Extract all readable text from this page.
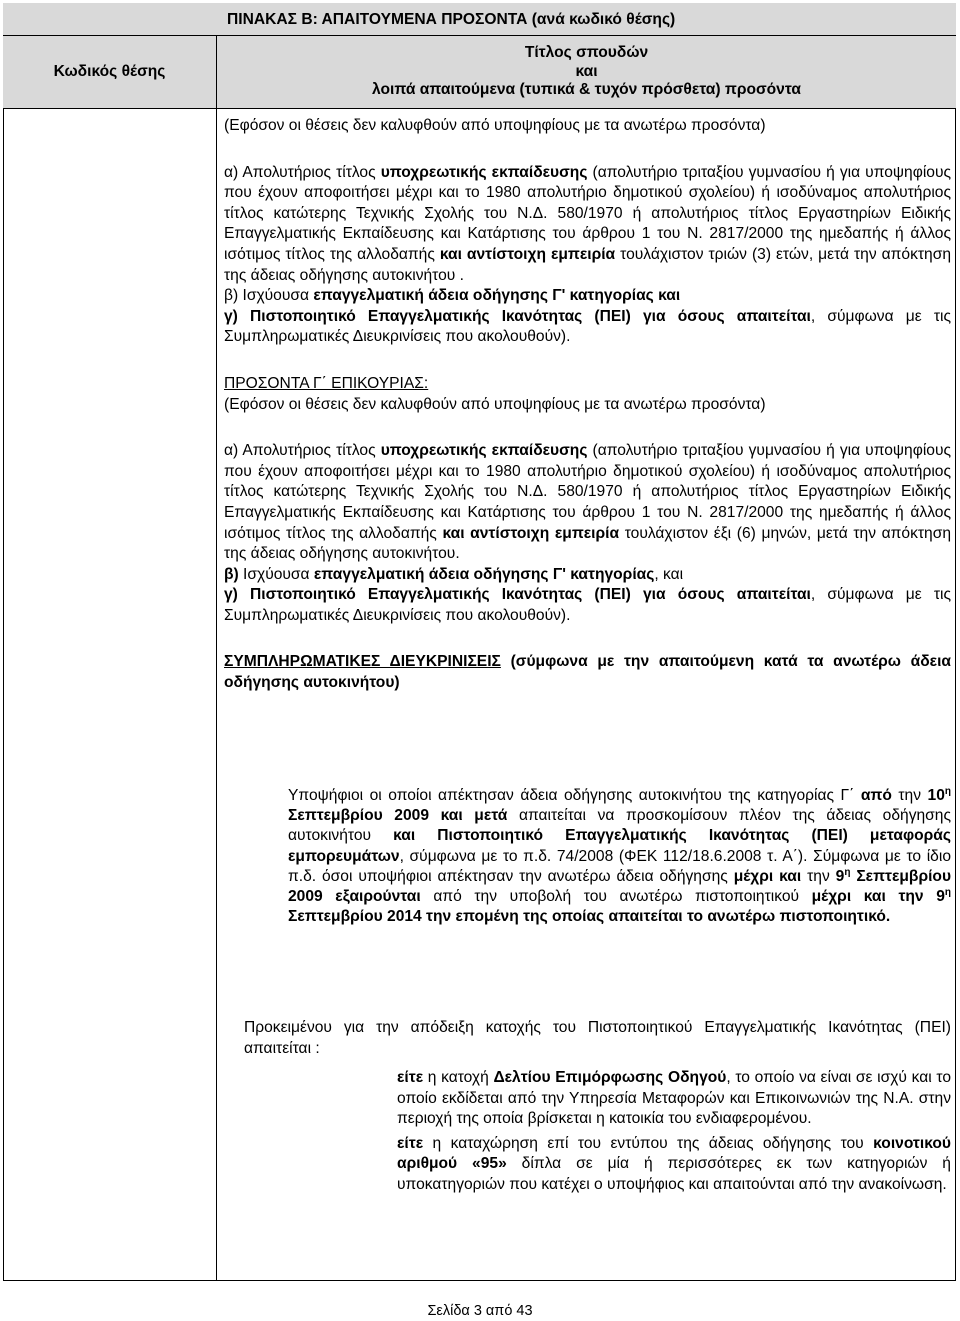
ΠΙΝΑΚΑΣ Β: ΑΠΑΙΤΟΥΜΕΝΑ ΠΡΟΣΟΝΤΑ (ανά κωδικό θέσης)
Κωδικός θέσης
Τίτλος σπουδών
και
λοιπά απαιτούμενα (τυπικά & τυχόν πρόσθετα) προσόντα

(Εφόσον οι θέσεις δεν καλυφθούν από υποψηφίους με τα ανωτέρω προσόντα)

α) Απολυτήριος τίτλος υποχρεωτικής εκπαίδευσης (απολυτήριο τριταξίου γυμνασίου ή για υποψηφίους που έχουν αποφοιτήσει μέχρι και το 1980 απολυτήριο δημοτικού σχολείου) ή ισοδύναμος απολυτήριος τίτλος κατώτερης Τεχνικής Σχολής του Ν.Δ. 580/1970 ή απολυτήριος τίτλος Εργαστηρίων Ειδικής Επαγγελματικής Εκπαίδευσης και Κατάρτισης του άρθρου 1 του Ν. 2817/2000 της ημεδαπής ή άλλος ισότιμος τίτλος της αλλοδαπής και αντίστοιχη εμπειρία τουλάχιστον τριών (3) ετών, μετά την απόκτηση της άδειας οδήγησης αυτοκινήτου .

β) Ισχύουσα επαγγελματική άδεια οδήγησης Γ' κατηγορίας και

γ) Πιστοποιητικό Επαγγελματικής Ικανότητας (ΠΕΙ) για όσους απαιτείται, σύμφωνα με τις Συμπληρωματικές Διευκρινίσεις που ακολουθούν).

ΠΡΟΣΟΝΤΑ Γ΄ ΕΠΙΚΟΥΡΙΑΣ:

(Εφόσον οι θέσεις δεν καλυφθούν από υποψηφίους με τα ανωτέρω προσόντα)

α) Απολυτήριος τίτλος υποχρεωτικής εκπαίδευσης (απολυτήριο τριταξίου γυμνασίου ή για υποψηφίους που έχουν αποφοιτήσει μέχρι και το 1980 απολυτήριο δημοτικού σχολείου) ή ισοδύναμος απολυτήριος τίτλος κατώτερης Τεχνικής Σχολής του Ν.Δ. 580/1970 ή απολυτήριος τίτλος Εργαστηρίων Ειδικής Επαγγελματικής Εκπαίδευσης και Κατάρτισης του άρθρου 1 του Ν. 2817/2000 της ημεδαπής ή άλλος ισότιμος τίτλος της αλλοδαπής και αντίστοιχη εμπειρία τουλάχιστον έξι (6) μηνών, μετά την απόκτηση της άδειας οδήγησης αυτοκινήτου.

β) Ισχύουσα επαγγελματική άδεια οδήγησης Γ' κατηγορίας, και

γ) Πιστοποιητικό Επαγγελματικής Ικανότητας (ΠΕΙ) για όσους απαιτείται, σύμφωνα με τις Συμπληρωματικές Διευκρινίσεις που ακολουθούν).

ΣΥΜΠΛΗΡΩΜΑΤΙΚΕΣ ΔΙΕΥΚΡΙΝΙΣΕΙΣ (σύμφωνα με την απαιτούμενη κατά τα ανωτέρω άδεια οδήγησης αυτοκινήτου)

Υποψήφιοι οι οποίοι απέκτησαν άδεια οδήγησης αυτοκινήτου της κατηγορίας Γ΄ από την $10^\eta$ Σεπτεμβρίου 2009 και μετά απαιτείται να προσκομίσουν πλέον της άδειας οδήγησης αυτοκινήτου και Πιστοποιητικό Επαγγελματικής Ικανότητας (ΠΕΙ) μεταφοράς εμπορευμάτων, σύμφωνα με το π.δ. 74/2008 (ΦΕΚ 112/18.6.2008 τ. Α΄). Σύμφωνα με το ίδιο π.δ. όσοι υποψήφιοι απέκτησαν την ανωτέρω άδεια οδήγησης μέχρι και την $9^\eta$ Σεπτεμβρίου 2009 εξαιρούνται από την υποβολή του ανωτέρω πιστοποιητικού μέχρι και την $9^\eta$ Σεπτεμβρίου 2014 την επομένη της οποίας απαιτείται το ανωτέρω πιστοποιητικό.

Προκειμένου για την απόδειξη κατοχής του Πιστοποιητικού Επαγγελματικής Ικανότητας (ΠΕΙ) απαιτείται :

είτε η κατοχή Δελτίου Επιμόρφωσης Οδηγού, το οποίο να είναι σε ισχύ και το οποίο εκδίδεται από την Υπηρεσία Μεταφορών και Επικοινωνιών της Ν.Α. στην περιοχή της οποία βρίσκεται η κατοικία του ενδιαφερομένου.

είτε η καταχώρηση επί του εντύπου της άδειας οδήγησης του κοινοτικού αριθμού «95» δίπλα σε μία ή περισσότερες εκ των κατηγοριών ή υποκατηγοριών που κατέχει ο υποψήφιος και απαιτούνται από την ανακοίνωση.

Σελίδα 3 από 43
